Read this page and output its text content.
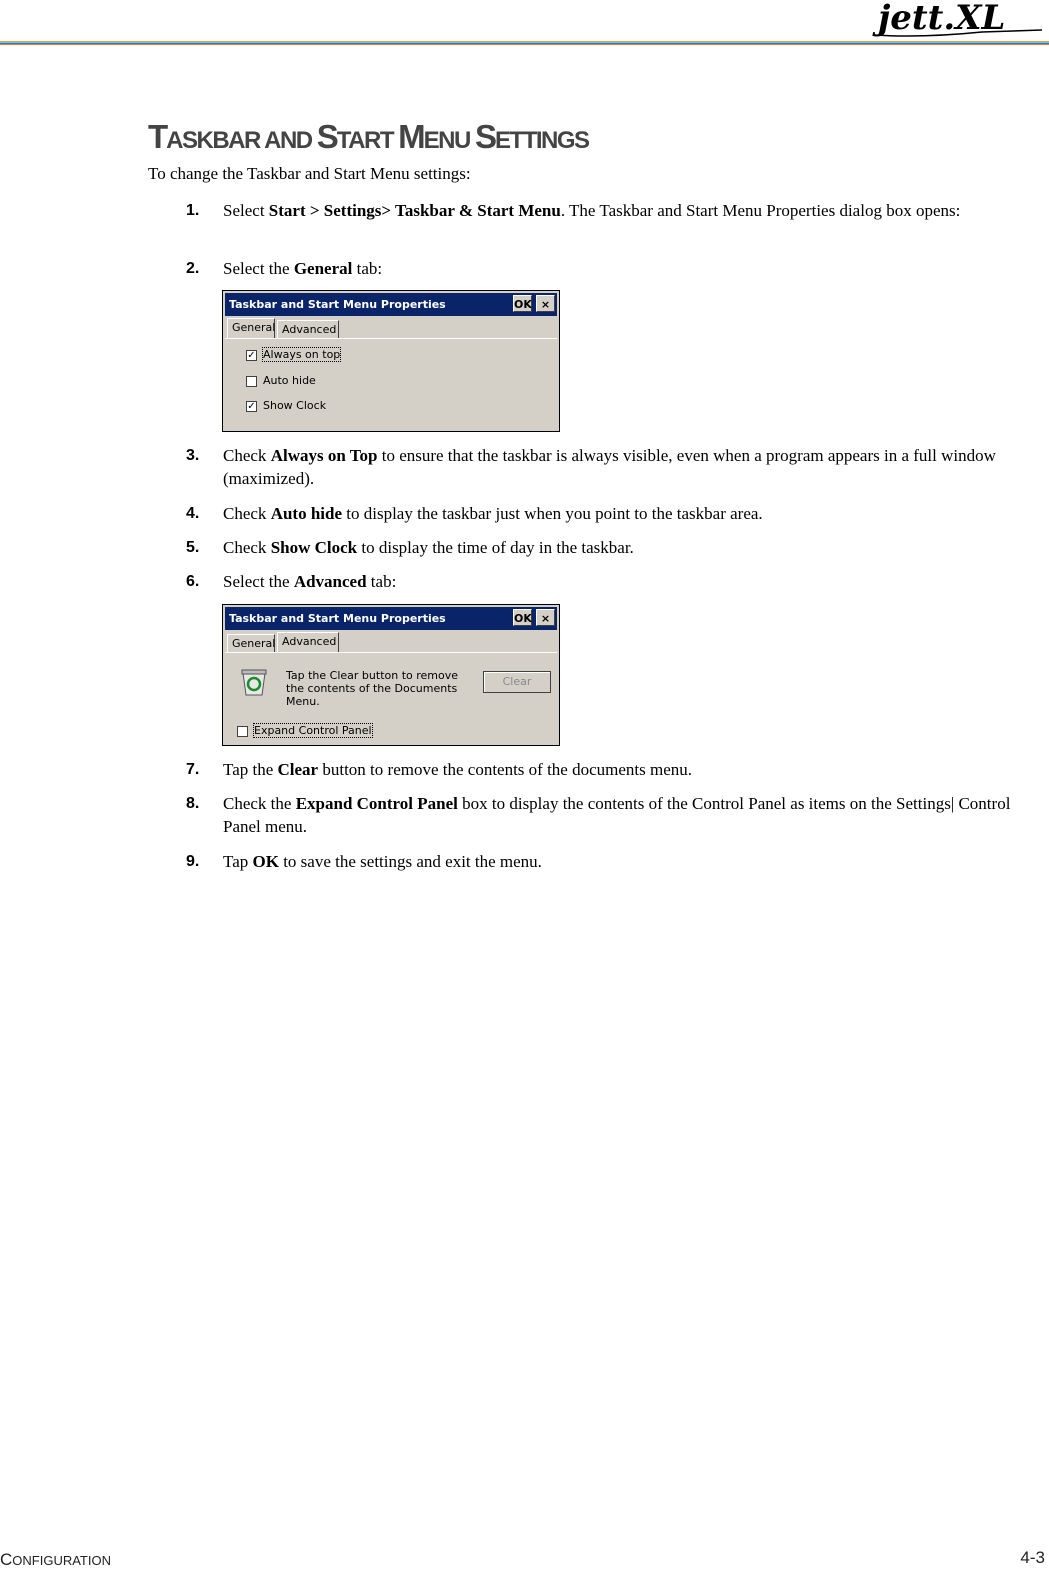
jett.XL
TASKBAR AND START MENU SETTINGS
To change the Taskbar and Start Menu settings:
1. Select Start > Settings> Taskbar & Start Menu. The Taskbar and Start Menu Properties dialog box opens:
2. Select the General tab:
Taskbar and Start Menu Properties	OK ×
General Advanced
✓ Always on top
Auto hide
✓ Show Clock
3. Check Always on Top to ensure that the taskbar is always visible, even when a program appears in a full window (maximized).
4. Check Auto hide to display the taskbar just when you point to the taskbar area.
5. Check Show Clock to display the time of day in the taskbar.
6. Select the Advanced tab:
Taskbar and Start Menu Properties	OK ×
General Advanced
Tap the Clear button to remove the contents of the Documents Menu.
Clear
Expand Control Panel
7. Tap the Clear button to remove the contents of the documents menu.
8. Check the Expand Control Panel box to display the contents of the Control Panel as items on the Settings| Control Panel menu.
9. Tap OK to save the settings and exit the menu.
CONFIGURATION	4-3
